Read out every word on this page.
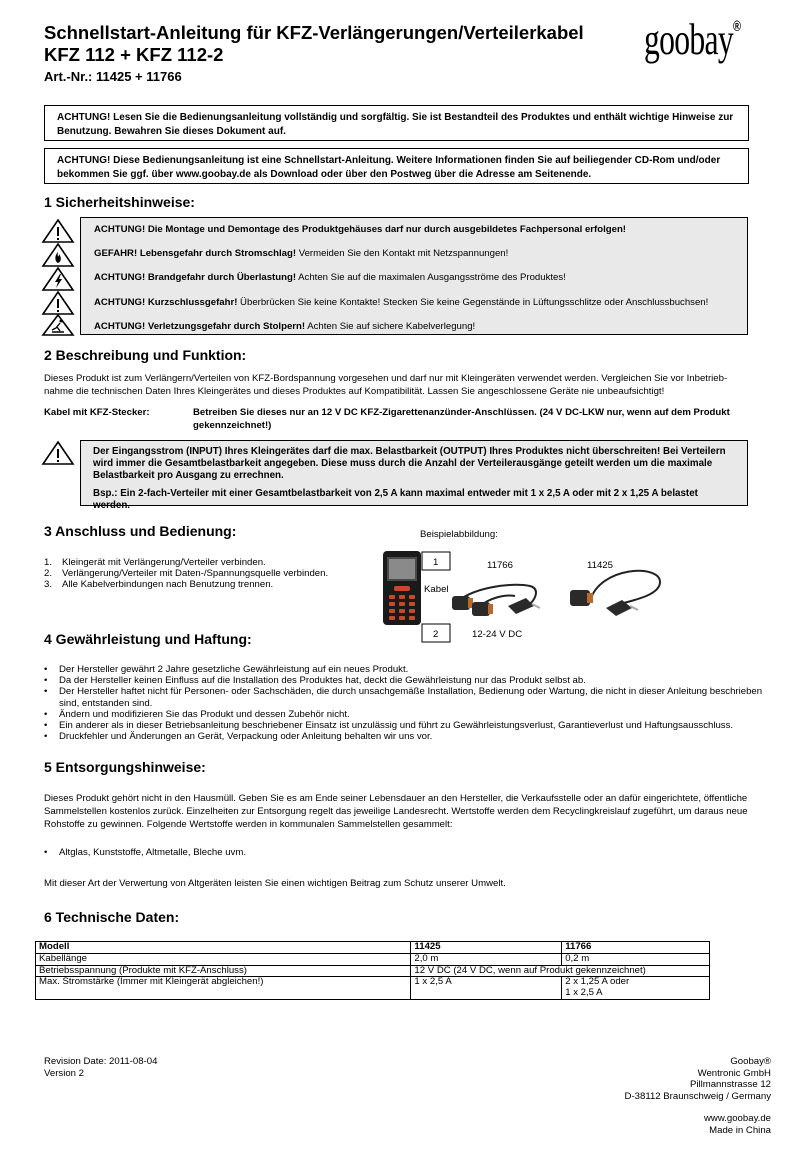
Schnellstart-Anleitung für KFZ-Verlängerungen/Verteilerkabel
KFZ 112 + KFZ 112-2
Art.-Nr.: 11425 + 11766
goobay®
ACHTUNG! Lesen Sie die Bedienungsanleitung vollständig und sorgfältig. Sie ist Bestandteil des Produktes und enthält wichtige Hinweise zur Benutzung. Bewahren Sie dieses Dokument auf.
ACHTUNG! Diese Bedienungsanleitung ist eine Schnellstart-Anleitung. Weitere Informationen finden Sie auf beiliegender CD-Rom und/oder bekommen Sie ggf. über www.goobay.de als Download oder über den Postweg über die Adresse am Seitenende.
1 Sicherheitshinweise:
ACHTUNG! Die Montage und Demontage des Produktgehäuses darf nur durch ausgebildetes Fachpersonal erfolgen!
GEFAHR! Lebensgefahr durch Stromschlag! Vermeiden Sie den Kontakt mit Netzspannungen!
ACHTUNG! Brandgefahr durch Überlastung! Achten Sie auf die maximalen Ausgangsströme des Produktes!
ACHTUNG! Kurzschlussgefahr! Überbrücken Sie keine Kontakte! Stecken Sie keine Gegenstände in Lüftungsschlitze oder Anschlussbuchsen!
ACHTUNG! Verletzungsgefahr durch Stolpern! Achten Sie auf sichere Kabelverlegung!
2 Beschreibung und Funktion:
Dieses Produkt ist zum Verlängern/Verteilen von KFZ-Bordspannung vorgesehen und darf nur mit Kleingeräten verwendet werden. Vergleichen Sie vor Inbetrieb-nahme die technischen Daten Ihres Kleingerätes und dieses Produktes auf Kompatibilität. Lassen Sie angeschlossene Geräte nie unbeaufsichtigt!
Kabel mit KFZ-Stecker:	Betreiben Sie dieses nur an 12 V DC KFZ-Zigarettenanzünder-Anschlüssen. (24 V DC-LKW nur, wenn auf dem Produkt gekennzeichnet!)
Der Eingangsstrom (INPUT) Ihres Kleingerätes darf die max. Belastbarkeit (OUTPUT) Ihres Produktes nicht überschreiten! Bei Verteilern wird immer die Gesamtbelastbarkeit angegeben. Diese muss durch die Anzahl der Verteilerausgänge geteilt werden um die maximale Belastbarkeit pro Ausgang zu errechnen.
Bsp.: Ein 2-fach-Verteiler mit einer Gesamtbelastbarkeit von 2,5 A kann maximal entweder mit 1 x 2,5 A oder mit 2 x 1,25 A belastet werden.
3 Anschluss und Bedienung:
1. Kleingerät mit Verlängerung/Verteiler verbinden.
2. Verlängerung/Verteiler mit Daten-/Spannungsquelle verbinden.
3. Alle Kabelverbindungen nach Benutzung trennen.
Beispielabbildung:
1
2
Kabel
11766	11425
12-24 V DC
4 Gewährleistung und Haftung:
• Der Hersteller gewährt 2 Jahre gesetzliche Gewährleistung auf ein neues Produkt.
• Da der Hersteller keinen Einfluss auf die Installation des Produktes hat, deckt die Gewährleistung nur das Produkt selbst ab.
• Der Hersteller haftet nicht für Personen- oder Sachschäden, die durch unsachgemäße Installation, Bedienung oder Wartung, die nicht in dieser Anleitung beschrieben sind, entstanden sind.
• Ändern und modifizieren Sie das Produkt und dessen Zubehör nicht.
• Ein anderer als in dieser Betriebsanleitung beschriebener Einsatz ist unzulässig und führt zu Gewährleistungsverlust, Garantieverlust und Haftungsausschluss.
• Druckfehler und Änderungen an Gerät, Verpackung oder Anleitung behalten wir uns vor.
5 Entsorgungshinweise:
Dieses Produkt gehört nicht in den Hausmüll. Geben Sie es am Ende seiner Lebensdauer an den Hersteller, die Verkaufsstelle oder an dafür eingerichtete, öffentliche Sammelstellen kostenlos zurück. Einzelheiten zur Entsorgung regelt das jeweilige Landesrecht. Wertstoffe werden dem Recyclingkreislauf zugeführt, um daraus neue Rohstoffe zu gewinnen. Folgende Wertstoffe werden in kommunalen Sammelstellen gesammelt:
• Altglas, Kunststoffe, Altmetalle, Bleche uvm.
Mit dieser Art der Verwertung von Altgeräten leisten Sie einen wichtigen Beitrag zum Schutz unserer Umwelt.
6 Technische Daten:
Modell	11425	11766
Kabellänge	2,0 m	0,2 m
Betriebsspannung (Produkte mit KFZ-Anschluss)	12 V DC (24 V DC, wenn auf Produkt gekennzeichnet)	
Max. Stromstärke (Immer mit Kleingerät abgleichen!)	1 x 2,5 A	2 x 1,25 A oder
1 x 2,5 A
Revision Date: 2011-08-04
Version 2
Goobay®
Wentronic GmbH
Pillmannstrasse 12
D-38112 Braunschweig / Germany
www.goobay.de
Made in China
